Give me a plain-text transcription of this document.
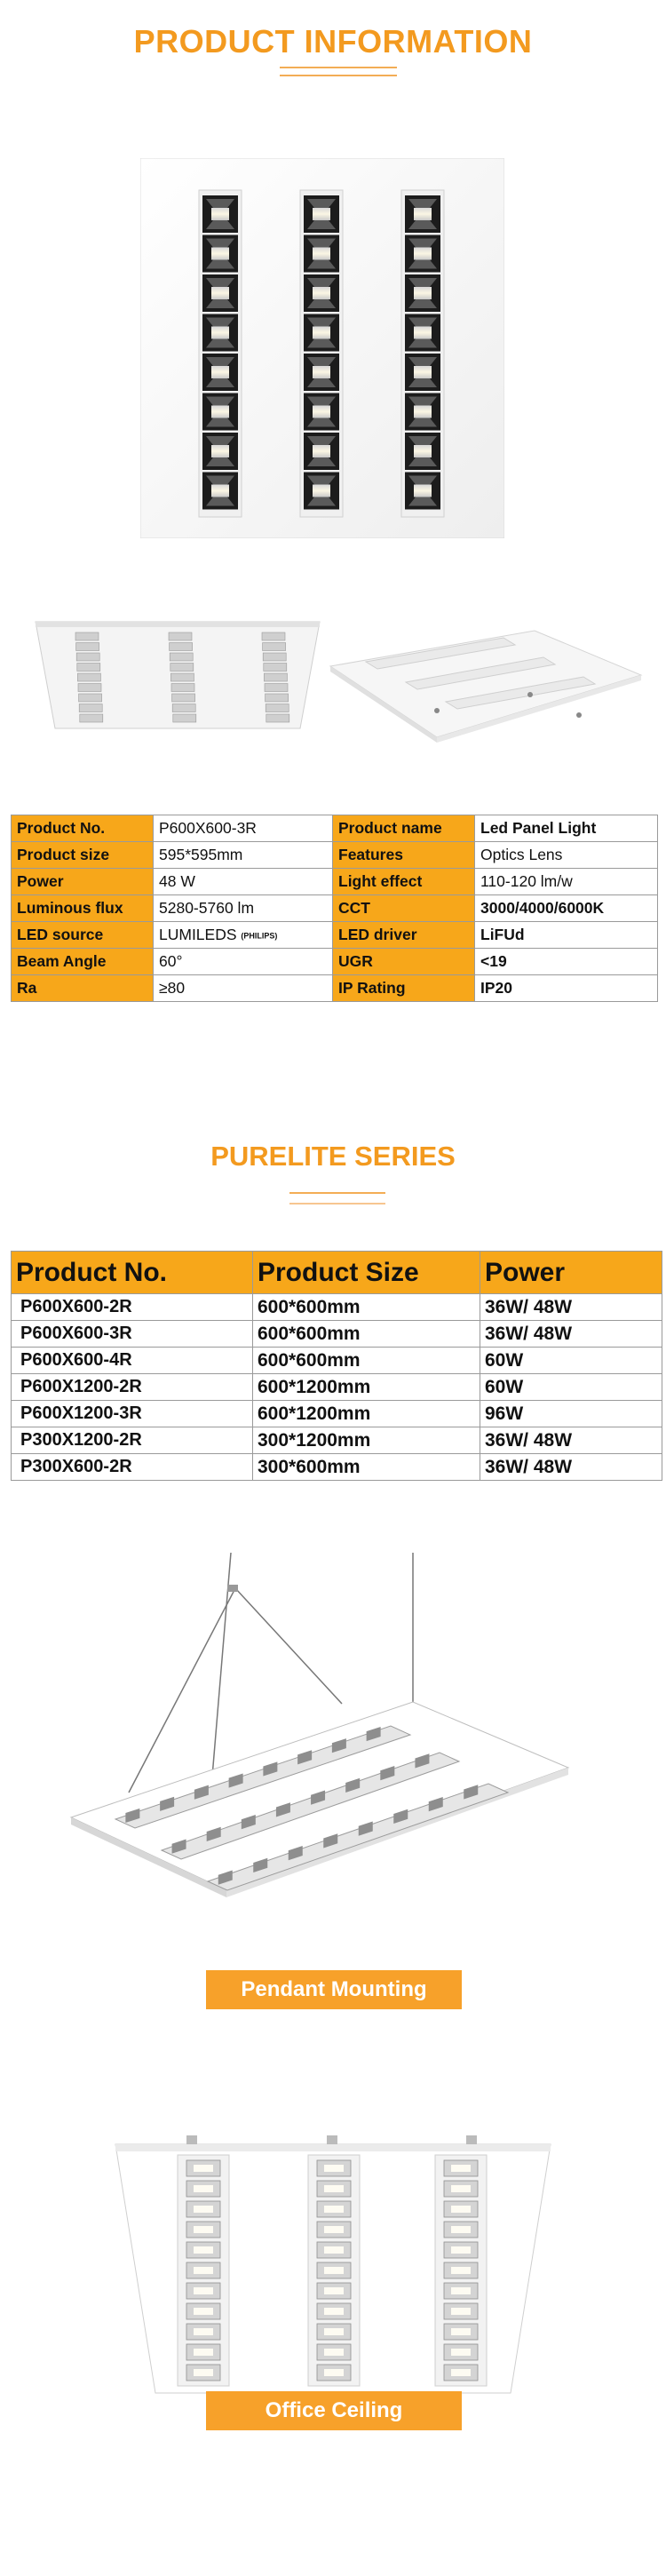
PRODUCT INFORMATION
Product No.	P600X600-3R	Product name	Led Panel Light
Product size	595*595mm	Features	Optics Lens
Power	48 W	Light effect	110-120 lm/w
Luminous flux	5280-5760 lm	CCT	3000/4000/6000K
LED source	LUMILEDS (PHILIPS)	LED driver	LiFUd
Beam Angle	60°	UGR	<19
Ra	≥80	IP Rating	IP20
PURELITE SERIES
Product No.	Product Size	Power
P600X600-2R	600*600mm	36W/ 48W
P600X600-3R	600*600mm	36W/ 48W
P600X600-4R	600*600mm	60W
P600X1200-2R	600*1200mm	60W
P600X1200-3R	600*1200mm	96W
P300X1200-2R	300*1200mm	36W/ 48W
P300X600-2R	300*600mm	36W/ 48W
Pendant Mounting
Office Ceiling
